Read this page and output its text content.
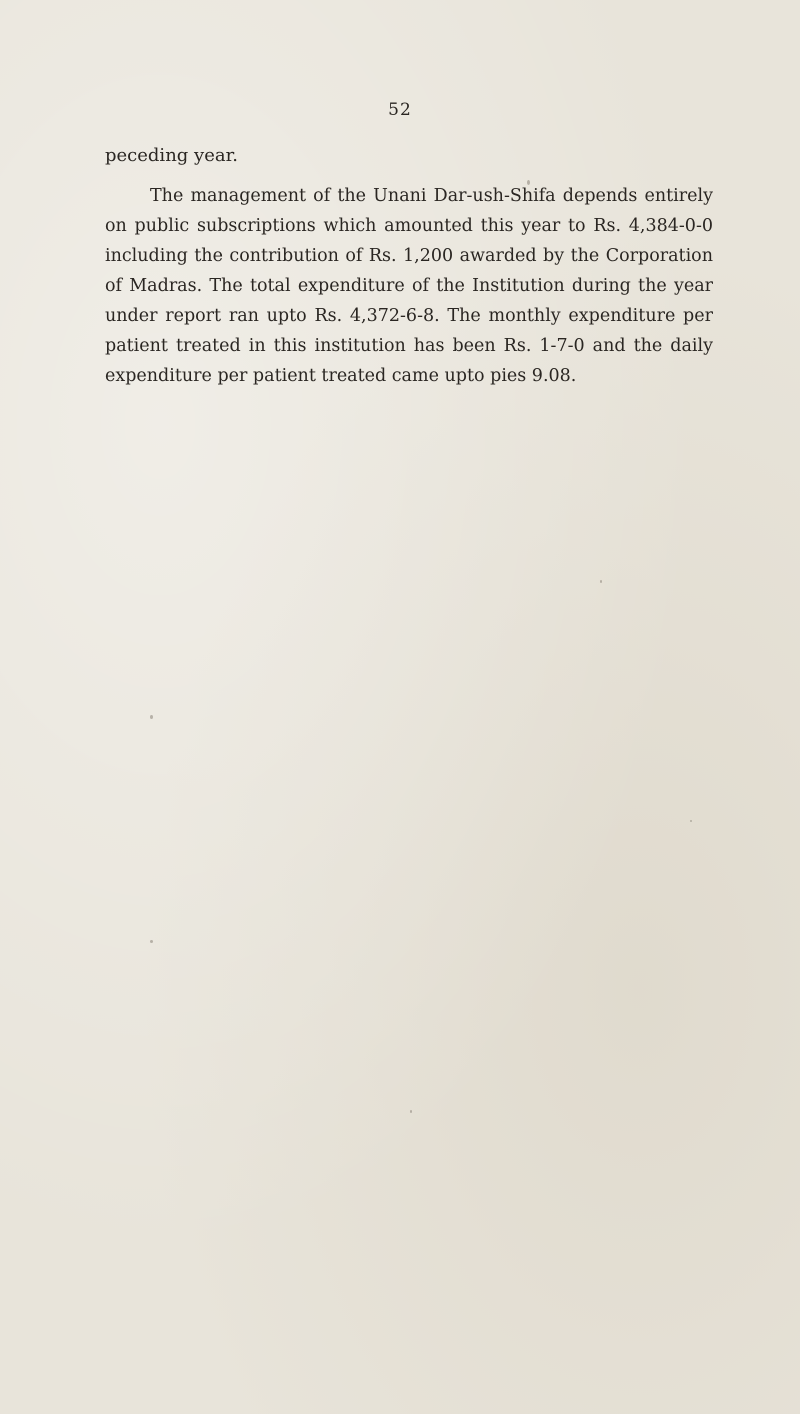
52

peceding year.

The management of the Unani Dar-ush-Shifa depends entirely on public subscriptions which amounted this year to Rs. 4,384-0-0 including the contribution of Rs. 1,200 awarded by the Corporation of Madras. The total expenditure of the Institution during the year under report ran upto Rs. 4,372-6-8. The monthly expenditure per patient treated in this institution has been Rs. 1-7-0 and the daily expenditure per patient treated came upto pies 9.08.
